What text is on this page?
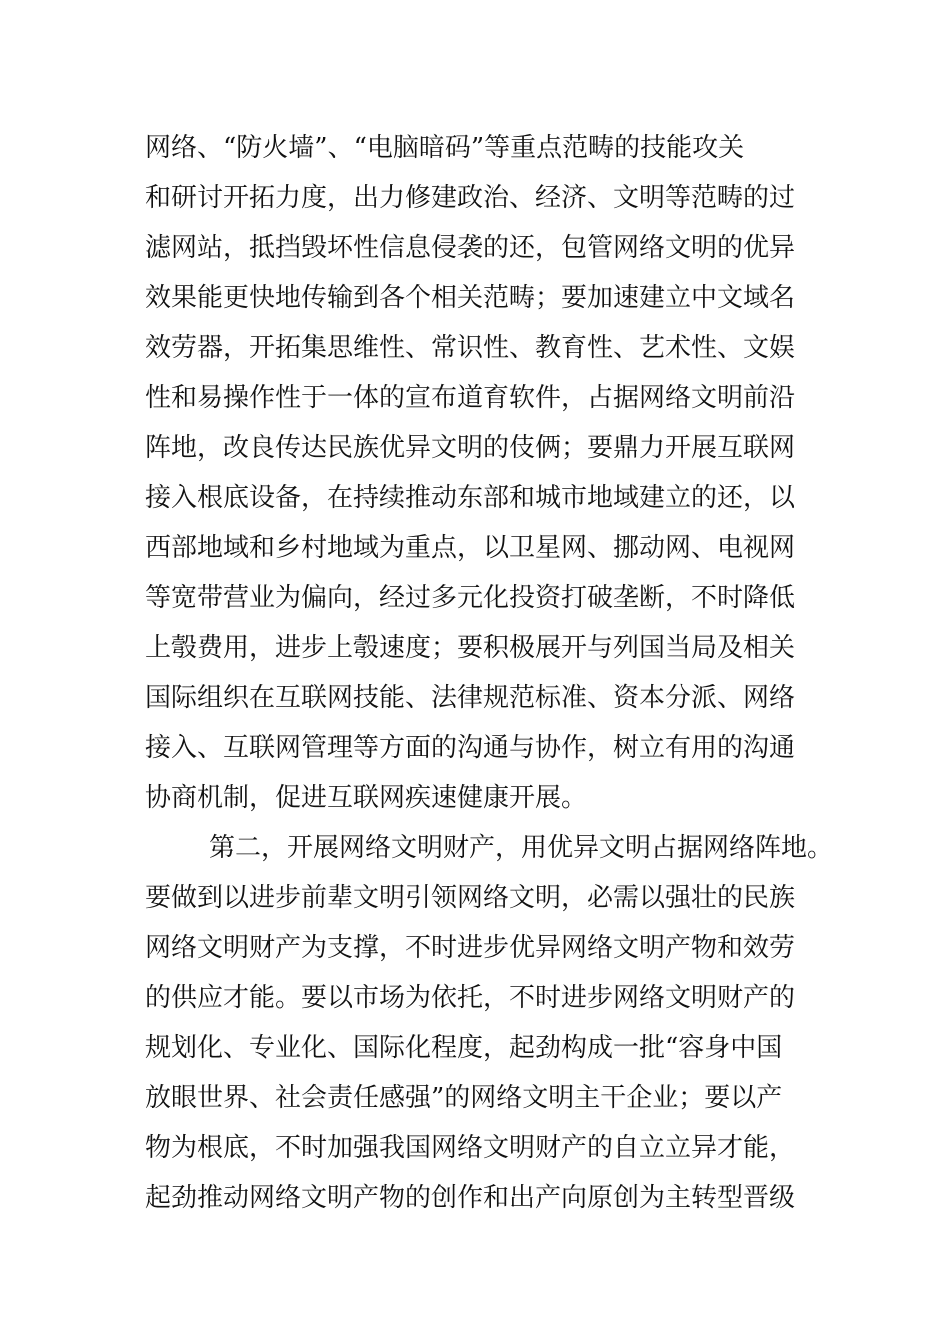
网络、“防火墙”、“电脑暗码”等重点范畴的技能攻关
和研讨开拓力度，出力修建政治、经济、文明等范畴的过
滤网站，抵挡毁坏性信息侵袭的还，包管网络文明的优异
效果能更快地传输到各个相关范畴；要加速建立中文域名
效劳器，开拓集思维性、常识性、教育性、艺术性、文娱
性和易操作性于一体的宣布道育软件，占据网络文明前沿
阵地，改良传达民族优异文明的伎俩；要鼎力开展互联网
接入根底设备，在持续推动东部和城市地域建立的还，以
西部地域和乡村地域为重点，以卫星网、挪动网、电视网
等宽带营业为偏向，经过多元化投资打破垄断，不时降低
上彀费用，进步上彀速度；要积极展开与列国当局及相关
国际组织在互联网技能、法律规范标准、资本分派、网络
接入、互联网管理等方面的沟通与协作，树立有用的沟通
协商机制，促进互联网疾速健康开展。
第二，开展网络文明财产，用优异文明占据网络阵地。
要做到以进步前辈文明引领网络文明，必需以强壮的民族
网络文明财产为支撑，不时进步优异网络文明产物和效劳
的供应才能。要以市场为依托，不时进步网络文明财产的
规划化、专业化、国际化程度，起劲构成一批“容身中国
放眼世界、社会责任感强”的网络文明主干企业；要以产
物为根底，不时加强我国网络文明财产的自立立异才能，
起劲推动网络文明产物的创作和出产向原创为主转型晋级
